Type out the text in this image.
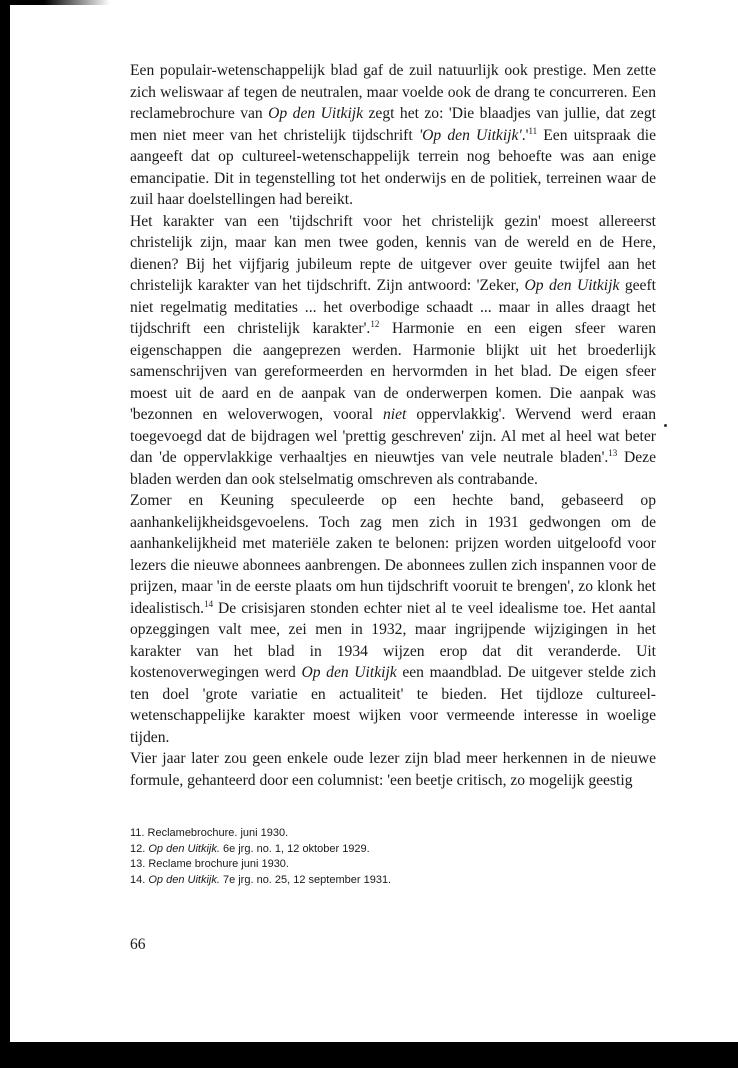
Een populair-wetenschappelijk blad gaf de zuil natuurlijk ook prestige. Men zette zich weliswaar af tegen de neutralen, maar voelde ook de drang te concurreren. Een reclamebrochure van Op den Uitkijk zegt het zo: 'Die blaadjes van jullie, dat zegt men niet meer van het christelijk tijdschrift 'Op den $Uitkijk'.'^{11}$ Een uitspraak die aangeeft dat op cultureel-wetenschappelijk terrein nog behoefte was aan enige emancipatie. Dit in tegenstelling tot het onderwijs en de politiek, terreinen waar de zuil haar doelstellingen had bereikt.

Het karakter van een 'tijdschrift voor het christelijk gezin' moest allereerst christelijk zijn, maar kan men twee goden, kennis van de wereld en de Here, dienen? Bij het vijfjarig jubileum repte de uitgever over geuite twijfel aan het christelijk karakter van het tijdschrift. Zijn antwoord: 'Zeker, Op den Uitkijk geeft niet regelmatig meditaties ... het overbodige schaadt ... maar in alles draagt het tijdschrift een christelijk karakter'.$^{12}$ Harmonie en een eigen sfeer waren eigenschappen die aangeprezen werden. Harmonie blijkt uit het broederlijk samenschrijven van gereformeerden en hervormden in het blad. De eigen sfeer moest uit de aard en de aanpak van de onderwerpen komen. Die aanpak was 'bezonnen en weloverwogen, vooral niet oppervlakkig'. Wervend werd eraan toegevoegd dat de bijdragen wel 'prettig geschreven' zijn. Al met al heel wat beter dan 'de oppervlakkige verhaaltjes en nieuwtjes van vele neutrale bladen'.$^{13}$ Deze bladen werden dan ook stelselmatig omschreven als contrabande.

Zomer en Keuning speculeerde op een hechte band, gebaseerd op aanhankelijkheidsgevoelens. Toch zag men zich in 1931 gedwongen om de aanhankelijkheid met materiële zaken te belonen: prijzen worden uitgeloofd voor lezers die nieuwe abonnees aanbrengen. De abonnees zullen zich inspannen voor de prijzen, maar 'in de eerste plaats om hun tijdschrift vooruit te brengen', zo klonk het idealistisch.$^{14}$ De crisisjaren stonden echter niet al te veel idealisme toe. Het aantal opzeggingen valt mee, zei men in 1932, maar ingrijpende wijzigingen in het karakter van het blad in 1934 wijzen erop dat dit veranderde. Uit kostenoverwegingen werd Op den Uitkijk een maandblad. De uitgever stelde zich ten doel 'grote variatie en actualiteit' te bieden. Het tijdloze cultureel-wetenschappelijke karakter moest wijken voor vermeende interesse in woelige tijden.

Vier jaar later zou geen enkele oude lezer zijn blad meer herkennen in de nieuwe formule, gehanteerd door een columnist: 'een beetje critisch, zo mogelijk geestig

11. Reclamebrochure. juni 1930.

12. Op den Uitkijk. 6e jrg. no. 1, 12 oktober 1929.

13. Reclame brochure juni 1930.

14. Op den Uitkijk. 7e jrg. no. 25, 12 september 1931.

66
